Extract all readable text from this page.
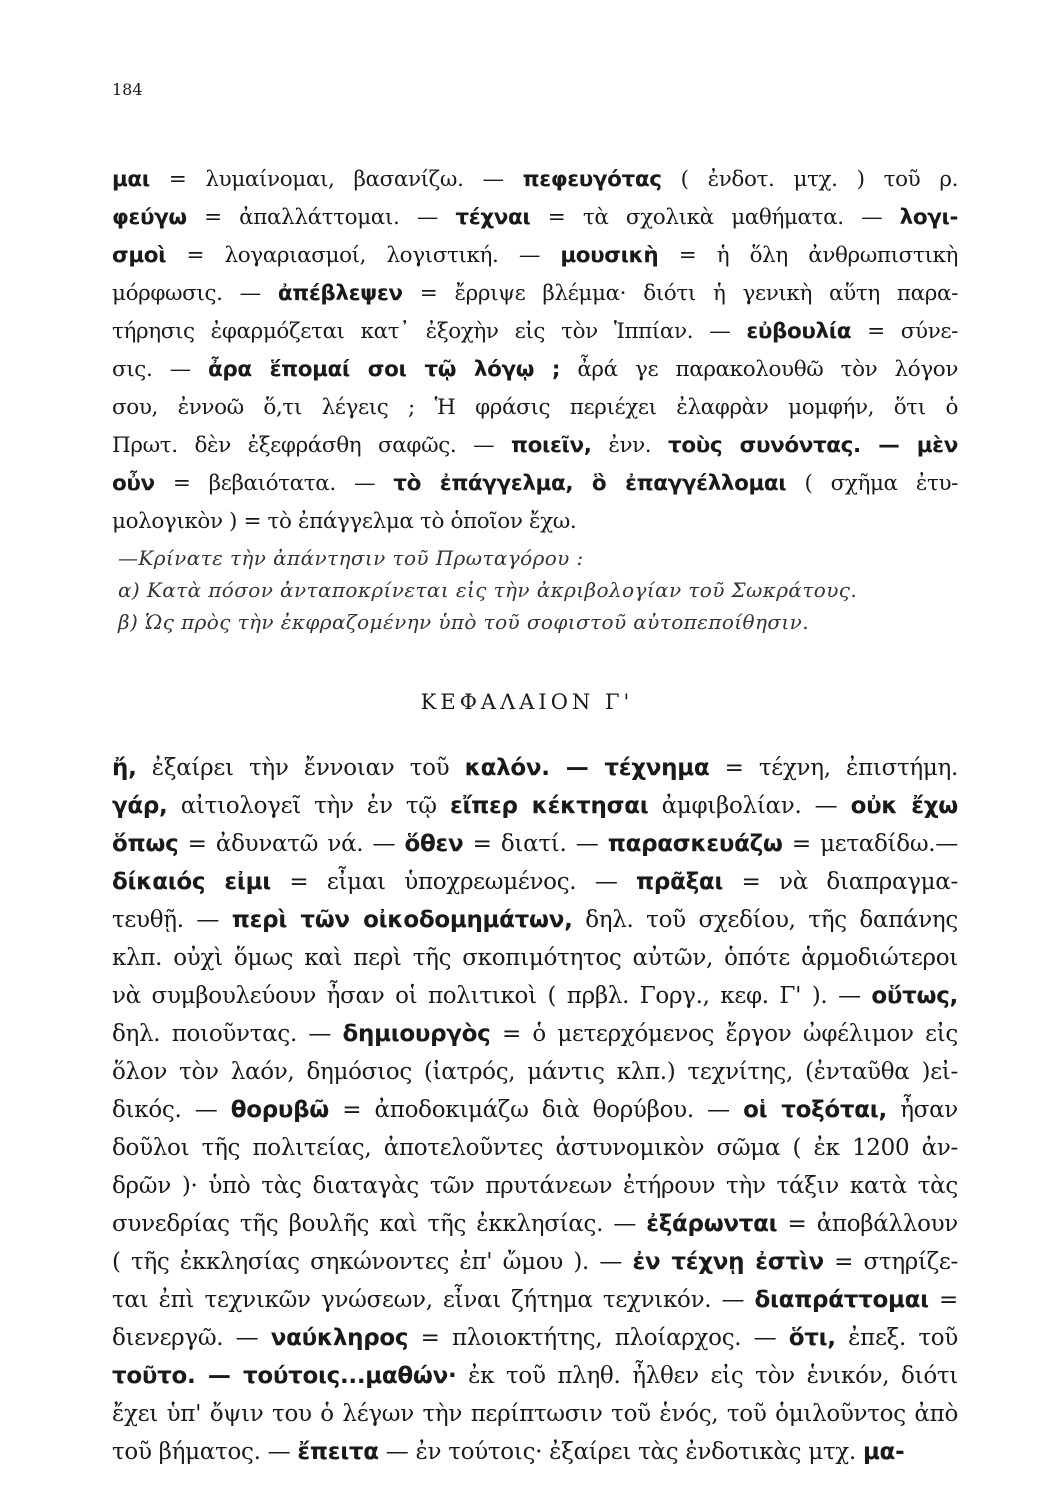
184
μαι = λυμαίνομαι, βασανίζω. — πεφευγότας ( ἐνδοτ. μτχ. ) τοῦ ρ.
φεύγω = ἀπαλλάττομαι. — τέχναι = τὰ σχολικὰ μαθήματα. — λογι-
σμοὶ = λογαριασμοί, λογιστική. — μουσικὴ = ἡ ὅλη ἀνθρωπιστικὴ
μόρφωσις. — ἀπέβλεψεν = ἔρριψε βλέμμα· διότι ἡ γενικὴ αὕτη παρα-
τήρησις ἐφαρμόζεται κατ᾽ ἐξοχὴν εἰς τὸν Ἱππίαν. — εὐβουλία = σύνε-
σις. — ἆρα ἕπομαί σοι τῷ λόγῳ ; ἆρά γε παρακολουθῶ τὸν λόγον
σου, ἐννοῶ ὅ,τι λέγεις ; Ἡ φράσις περιέχει ἐλαφρὰν μομφήν, ὅτι ὁ
Πρωτ. δὲν ἐξεφράσθη σαφῶς. — ποιεῖν, ἐνν. τοὺς συνόντας. — μὲν
οὖν = βεβαιότατα. — τὸ ἐπάγγελμα, ὃ ἐπαγγέλλομαι ( σχῆμα ἐτυ-
μολογικὸν ) = τὸ ἐπάγγελμα τὸ ὁποῖον ἔχω.
—Κρίνατε τὴν ἀπάντησιν τοῦ Πρωταγόρου :
α) Κατὰ πόσον ἀνταποκρίνεται εἰς τὴν ἀκριβολογίαν τοῦ Σωκράτους.
β) Ὡς πρὸς τὴν ἐκφραζομένην ὑπὸ τοῦ σοφιστοῦ αὐτοπεποίθησιν.
ΚΕΦΑΛΑΙΟΝ Γ'
ἤ, ἐξαίρει τὴν ἔννοιαν τοῦ καλόν. — τέχνημα = τέχνη, ἐπιστήμη.
γάρ, αἰτιολογεῖ τὴν ἐν τῷ εἴπερ κέκτησαι ἀμφιβολίαν. — οὐκ ἔχω
ὅπως = ἀδυνατῶ νά. — ὅθεν = διατί. — παρασκευάζω = μεταδίδω.—
δίκαιός εἰμι = εἶμαι ὑποχρεωμένος. — πρᾶξαι = νὰ διαπραγμα-
τευθῇ. — περὶ τῶν οἰκοδομημάτων, δηλ. τοῦ σχεδίου, τῆς δαπάνης
κλπ. οὐχὶ ὅμως καὶ περὶ τῆς σκοπιμότητος αὐτῶν, ὁπότε ἁρμοδιώτεροι
νὰ συμβουλεύουν ἦσαν οἱ πολιτικοὶ ( πρβλ. Γοργ., κεφ. Γ' ). — οὕτως,
δηλ. ποιοῦντας. — δημιουργὸς = ὁ μετερχόμενος ἔργον ὠφέλιμον εἰς
ὅλον τὸν λαόν, δημόσιος (ἰατρός, μάντις κλπ.) τεχνίτης, (ἐνταῦθα )εἰ-
δικός. — θορυβῶ = ἀποδοκιμάζω διὰ θορύβου. — οἱ τοξόται, ἦσαν
δοῦλοι τῆς πολιτείας, ἀποτελοῦντες ἀστυνομικὸν σῶμα ( ἐκ 1200 ἀν-
δρῶν )· ὑπὸ τὰς διαταγὰς τῶν πρυτάνεων ἐτήρουν τὴν τάξιν κατὰ τὰς
συνεδρίας τῆς βουλῆς καὶ τῆς ἐκκλησίας. — ἐξάρωνται = ἀποβάλλουν
( τῆς ἐκκλησίας σηκώνοντες ἐπ' ὤμου ). — ἐν τέχνῃ ἐστὶν = στηρίζε-
ται ἐπὶ τεχνικῶν γνώσεων, εἶναι ζήτημα τεχνικόν. — διαπράττομαι =
διενεργῶ. — ναύκληρος = πλοιοκτήτης, πλοίαρχος. — ὅτι, ἐπεξ. τοῦ
τοῦτο. — τούτοις...μαθών· ἐκ τοῦ πληθ. ἦλθεν εἰς τὸν ἑνικόν, διότι
ἔχει ὑπ' ὄψιν του ὁ λέγων τὴν περίπτωσιν τοῦ ἑνός, τοῦ ὁμιλοῦντος ἀπὸ
τοῦ βήματος. — ἔπειτα — ἐν τούτοις· ἐξαίρει τὰς ἐνδοτικὰς μτχ. μα-
